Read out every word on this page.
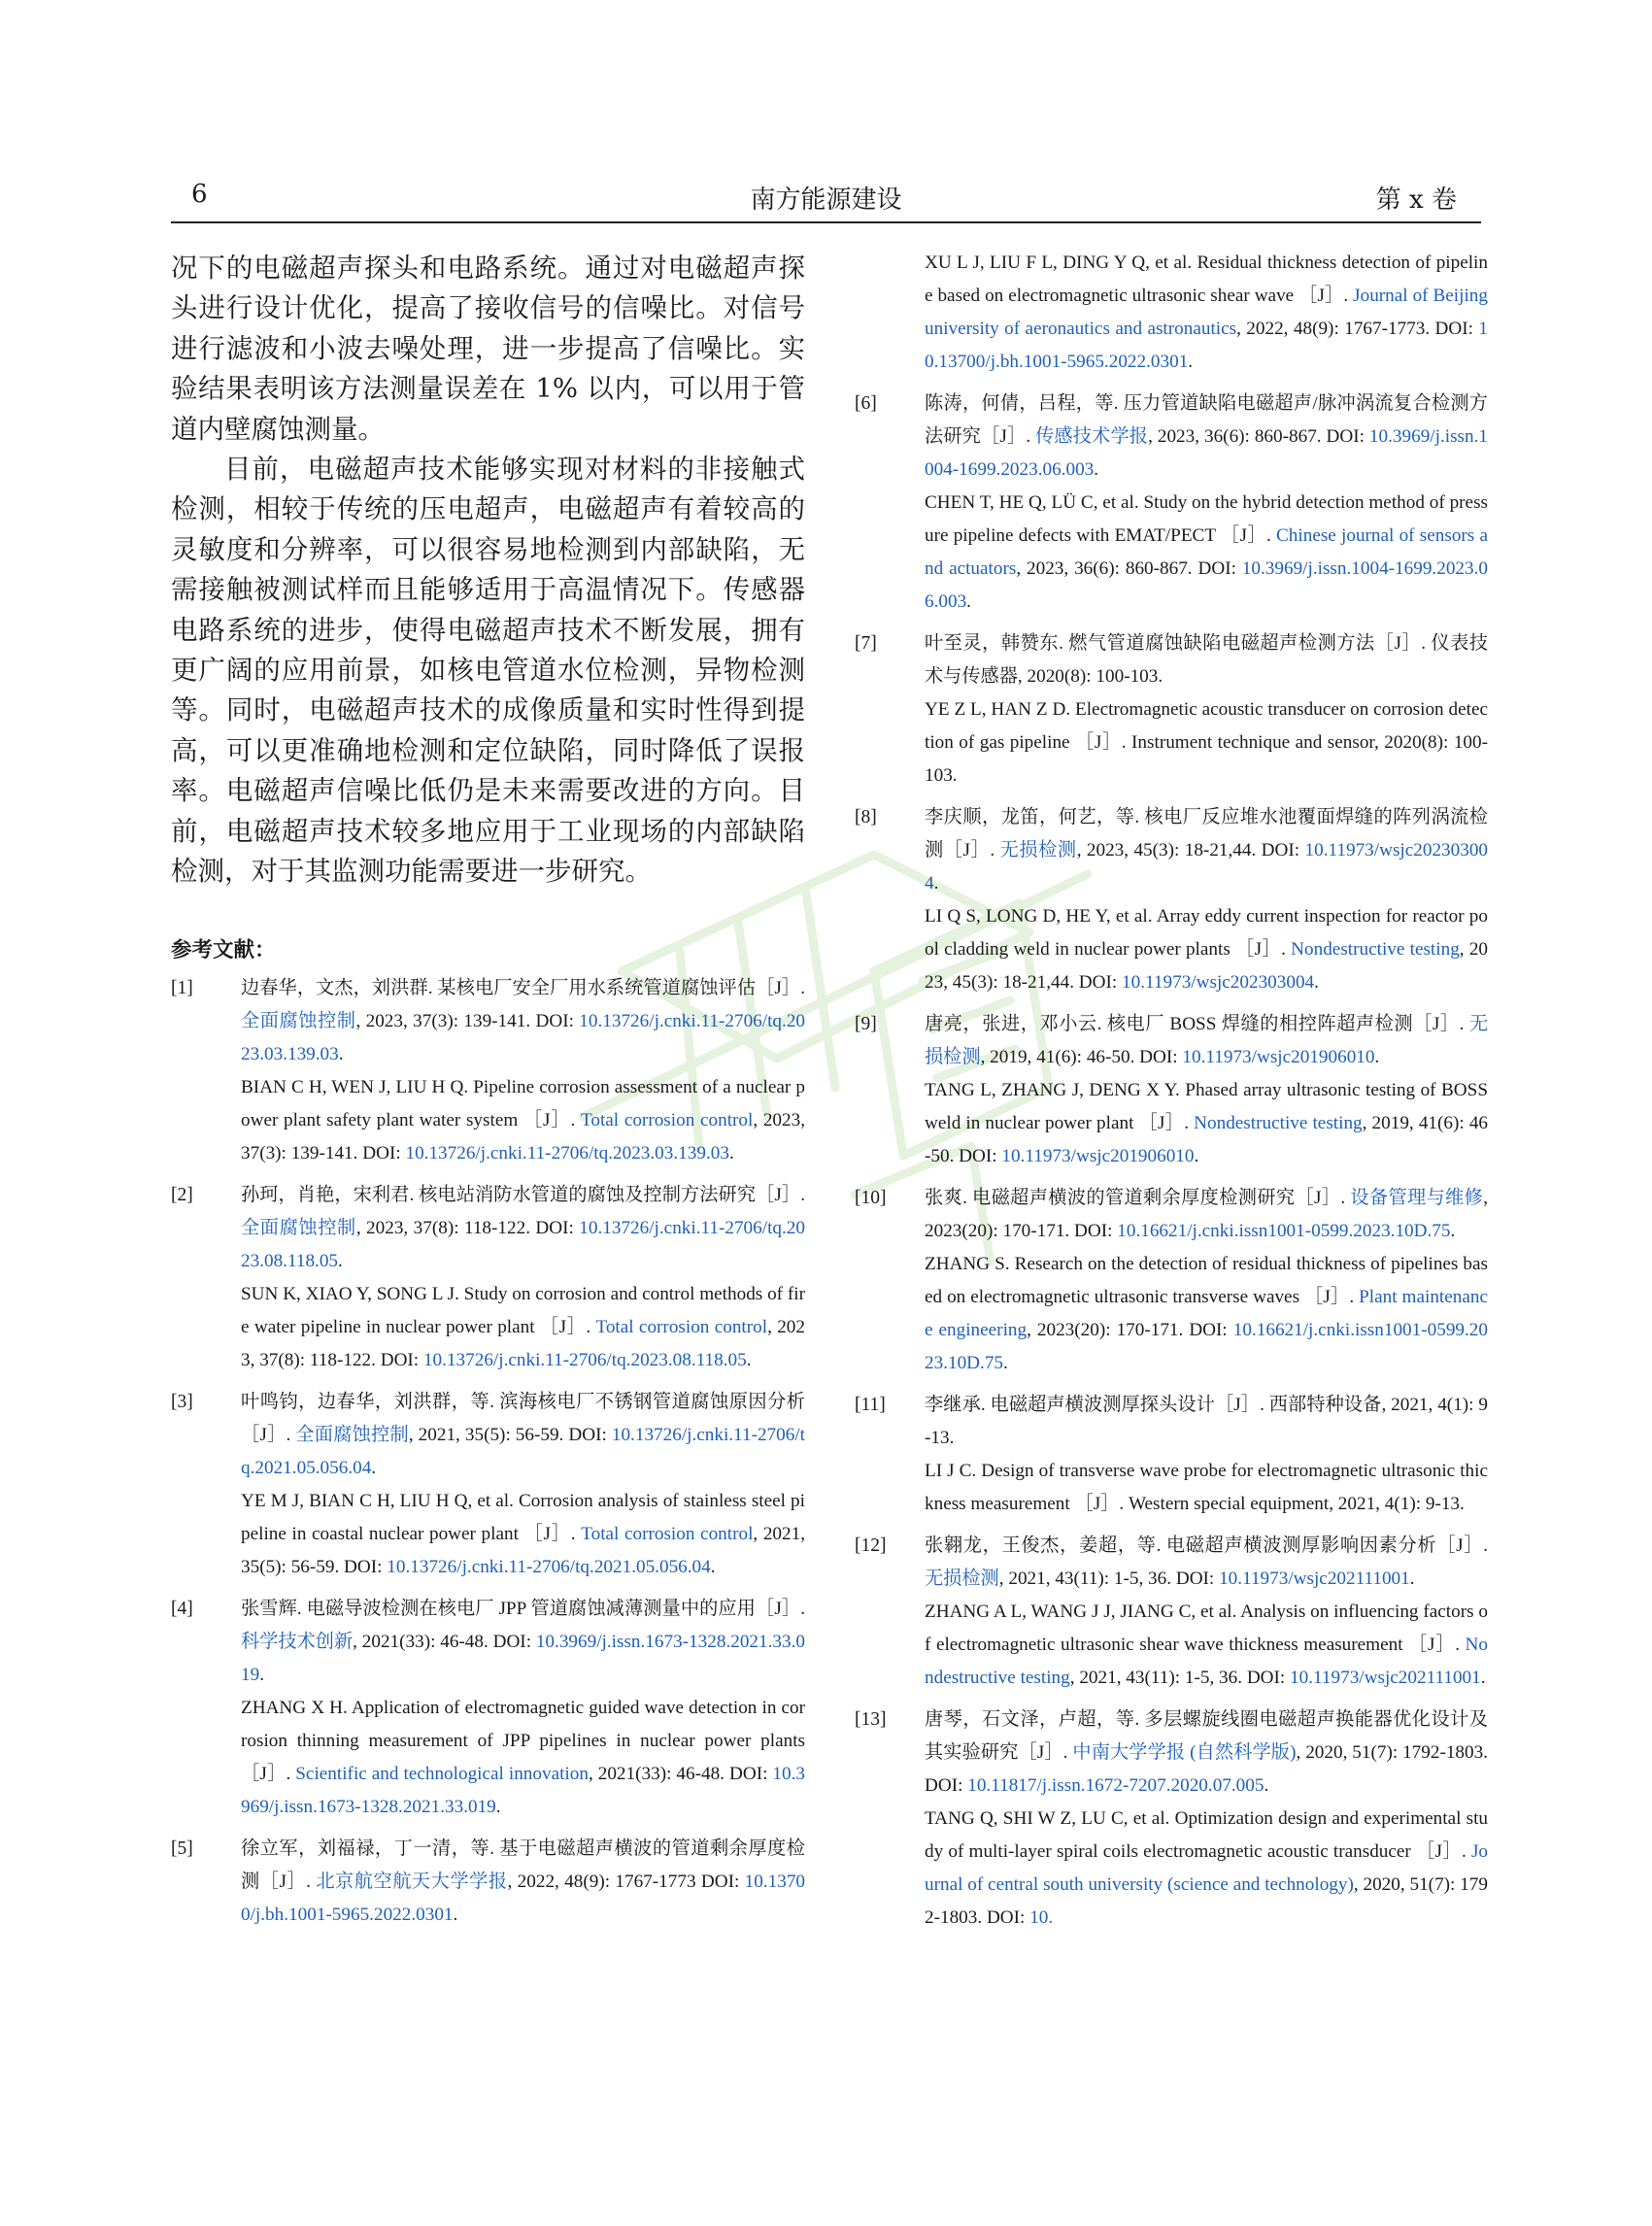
6	南方能源建设	第 x 卷

况下的电磁超声探头和电路系统。通过对电磁超声探头进行设计优化，提高了接收信号的信噪比。对信号进行滤波和小波去噪处理，进一步提高了信噪比。实验结果表明该方法测量误差在 1% 以内，可以用于管道内壁腐蚀测量。

目前，电磁超声技术能够实现对材料的非接触式检测，相较于传统的压电超声，电磁超声有着较高的灵敏度和分辨率，可以很容易地检测到内部缺陷，无需接触被测试样而且能够适用于高温情况下。传感器电路系统的进步，使得电磁超声技术不断发展，拥有更广阔的应用前景，如核电管道水位检测，异物检测等。同时，电磁超声技术的成像质量和实时性得到提高，可以更准确地检测和定位缺陷，同时降低了误报率。电磁超声信噪比低仍是未来需要改进的方向。目前，电磁超声技术较多地应用于工业现场的内部缺陷检测，对于其监测功能需要进一步研究。

参考文献：
[1]	边春华，文杰，刘洪群. 某核电厂安全厂用水系统管道腐蚀评估［J］. 全面腐蚀控制, 2023, 37(3): 139-141. DOI: 10.13726/j.cnki.11-2706/tq.2023.03.139.03.

BIAN C H, WEN J, LIU H Q. Pipeline corrosion assessment of a nuclear power plant safety plant water system ［J］. Total corrosion control, 2023, 37(3): 139-141. DOI: 10.13726/j.cnki.11-2706/tq.2023.03.139.03.

[2]	孙珂，肖艳，宋利君. 核电站消防水管道的腐蚀及控制方法研究［J］. 全面腐蚀控制, 2023, 37(8): 118-122. DOI: 10.13726/j.cnki.11-2706/tq.2023.08.118.05.

SUN K, XIAO Y, SONG L J. Study on corrosion and control methods of fire water pipeline in nuclear power plant ［J］. Total corrosion control, 2023, 37(8): 118-122. DOI: 10.13726/j.cnki.11-2706/tq.2023.08.118.05.

[3]	叶鸣钧，边春华，刘洪群，等. 滨海核电厂不锈钢管道腐蚀原因分析［J］. 全面腐蚀控制, 2021, 35(5): 56-59. DOI: 10.13726/j.cnki.11-2706/tq.2021.05.056.04.

YE M J, BIAN C H, LIU H Q, et al. Corrosion analysis of stainless steel pipeline in coastal nuclear power plant ［J］. Total corrosion control, 2021, 35(5): 56-59. DOI: 10.13726/j.cnki.11-2706/tq.2021.05.056.04.

[4]	张雪辉. 电磁导波检测在核电厂 JPP 管道腐蚀减薄测量中的应用［J］. 科学技术创新, 2021(33): 46-48. DOI: 10.3969/j.issn.1673-1328.2021.33.019.

ZHANG X H. Application of electromagnetic guided wave detection in corrosion thinning measurement of JPP pipelines in nuclear power plants ［J］. Scientific and technological innovation, 2021(33): 46-48. DOI: 10.3969/j.issn.1673-1328.2021.33.019.

[5]	徐立军，刘福禄，丁一清，等. 基于电磁超声横波的管道剩余厚度检测［J］. 北京航空航天大学学报, 2022, 48(9): 1767-1773 DOI: 10.13700/j.bh.1001-5965.2022.0301.

XU L J, LIU F L, DING Y Q, et al. Residual thickness detection of pipeline based on electromagnetic ultrasonic shear wave ［J］. Journal of Beijing university of aeronautics and astronautics, 2022, 48(9): 1767-1773. DOI: 10.13700/j.bh.1001-5965.2022.0301.

[6]	陈涛，何倩，吕程，等. 压力管道缺陷电磁超声/脉冲涡流复合检测方法研究［J］. 传感技术学报, 2023, 36(6): 860-867. DOI: 10.3969/j.issn.1004-1699.2023.06.003.

CHEN T, HE Q, LÜ C, et al. Study on the hybrid detection method of pressure pipeline defects with EMAT/PECT ［J］. Chinese journal of sensors and actuators, 2023, 36(6): 860-867. DOI: 10.3969/j.issn.1004-1699.2023.06.003.

[7]	叶至灵，韩赞东. 燃气管道腐蚀缺陷电磁超声检测方法［J］. 仪表技术与传感器, 2020(8): 100-103.

YE Z L, HAN Z D. Electromagnetic acoustic transducer on corrosion detection of gas pipeline ［J］. Instrument technique and sensor, 2020(8): 100-103.

[8]	李庆顺，龙笛，何艺，等. 核电厂反应堆水池覆面焊缝的阵列涡流检测［J］. 无损检测, 2023, 45(3): 18-21,44. DOI: 10.11973/wsjc202303004.

LI Q S, LONG D, HE Y, et al. Array eddy current inspection for reactor pool cladding weld in nuclear power plants ［J］. Nondestructive testing, 2023, 45(3): 18-21,44. DOI: 10.11973/wsjc202303004.

[9]	唐亮，张进，邓小云. 核电厂 BOSS 焊缝的相控阵超声检测［J］. 无损检测, 2019, 41(6): 46-50. DOI: 10.11973/wsjc201906010.

TANG L, ZHANG J, DENG X Y. Phased array ultrasonic testing of BOSS weld in nuclear power plant ［J］. Nondestructive testing, 2019, 41(6): 46-50. DOI: 10.11973/wsjc201906010.

[10] 张爽. 电磁超声横波的管道剩余厚度检测研究［J］. 设备管理与维修, 2023(20): 170-171. DOI: 10.16621/j.cnki.issn1001-0599.2023.10D.75.

ZHANG S. Research on the detection of residual thickness of pipelines based on electromagnetic ultrasonic transverse waves ［J］. Plant maintenance engineering, 2023(20): 170-171. DOI: 10.16621/j.cnki.issn1001-0599.2023.10D.75.

[11] 李继承. 电磁超声横波测厚探头设计［J］. 西部特种设备, 2021, 4(1): 9-13.

LI J C. Design of transverse wave probe for electromagnetic ultrasonic thickness measurement ［J］. Western special equipment, 2021, 4(1): 9-13.

[12] 张翱龙，王俊杰，姜超，等. 电磁超声横波测厚影响因素分析［J］. 无损检测, 2021, 43(11): 1-5, 36. DOI: 10.11973/wsjc202111001.

ZHANG A L, WANG J J, JIANG C, et al. Analysis on influencing factors of electromagnetic ultrasonic shear wave thickness measurement ［J］. Nondestructive testing, 2021, 43(11): 1-5, 36. DOI: 10.11973/wsjc202111001.

[13] 唐琴，石文泽，卢超，等. 多层螺旋线圈电磁超声换能器优化设计及其实验研究［J］. 中南大学学报 (自然科学版), 2020, 51(7): 1792-1803. DOI: 10.11817/j.issn.1672-7207.2020.07.005.

TANG Q, SHI W Z, LU C, et al. Optimization design and experimental study of multi-layer spiral coils electromagnetic acoustic transducer ［J］. Journal of central south university (science and technology), 2020, 51(7): 1792-1803. DOI: 10.
